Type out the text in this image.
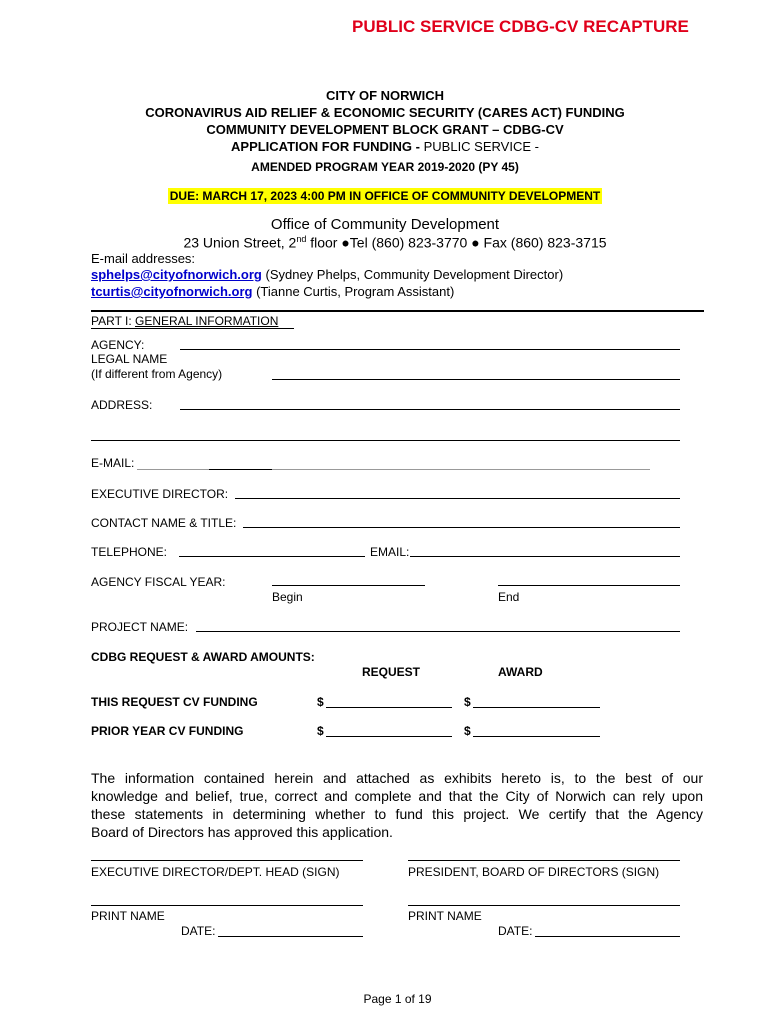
PUBLIC SERVICE CDBG-CV RECAPTURE
CITY OF NORWICH
CORONAVIRUS AID RELIEF & ECONOMIC SECURITY (CARES ACT) FUNDING
COMMUNITY DEVELOPMENT BLOCK GRANT – CDBG-CV
APPLICATION FOR FUNDING - PUBLIC SERVICE -
AMENDED PROGRAM YEAR 2019-2020 (PY 45)
DUE: MARCH 17, 2023 4:00 PM IN OFFICE OF COMMUNITY DEVELOPMENT
Office of Community Development
23 Union Street, 2nd floor ●Tel (860) 823-3770 ● Fax (860) 823-3715
E-mail addresses:
sphelps@cityofnorwich.org (Sydney Phelps, Community Development Director)
tcurtis@cityofnorwich.org (Tianne Curtis, Program Assistant)
PART I: GENERAL INFORMATION
AGENCY:
LEGAL NAME
(If different from Agency)
ADDRESS:
E-MAIL:
EXECUTIVE DIRECTOR:
CONTACT NAME & TITLE:
TELEPHONE:	EMAIL:
AGENCY FISCAL YEAR:
Begin	End
PROJECT NAME:
CDBG REQUEST & AWARD AMOUNTS:
REQUEST	AWARD
THIS REQUEST CV FUNDING	$	$
PRIOR YEAR CV FUNDING	$	$
The information contained herein and attached as exhibits hereto is, to the best of our
knowledge and belief, true, correct and complete and that the City of Norwich can rely upon
these statements in determining whether to fund this project. We certify that the Agency
Board of Directors has approved this application.
EXECUTIVE DIRECTOR/DEPT. HEAD (SIGN)	PRESIDENT, BOARD OF DIRECTORS (SIGN)
PRINT NAME	PRINT NAME
DATE:	DATE:
Page 1 of 19
